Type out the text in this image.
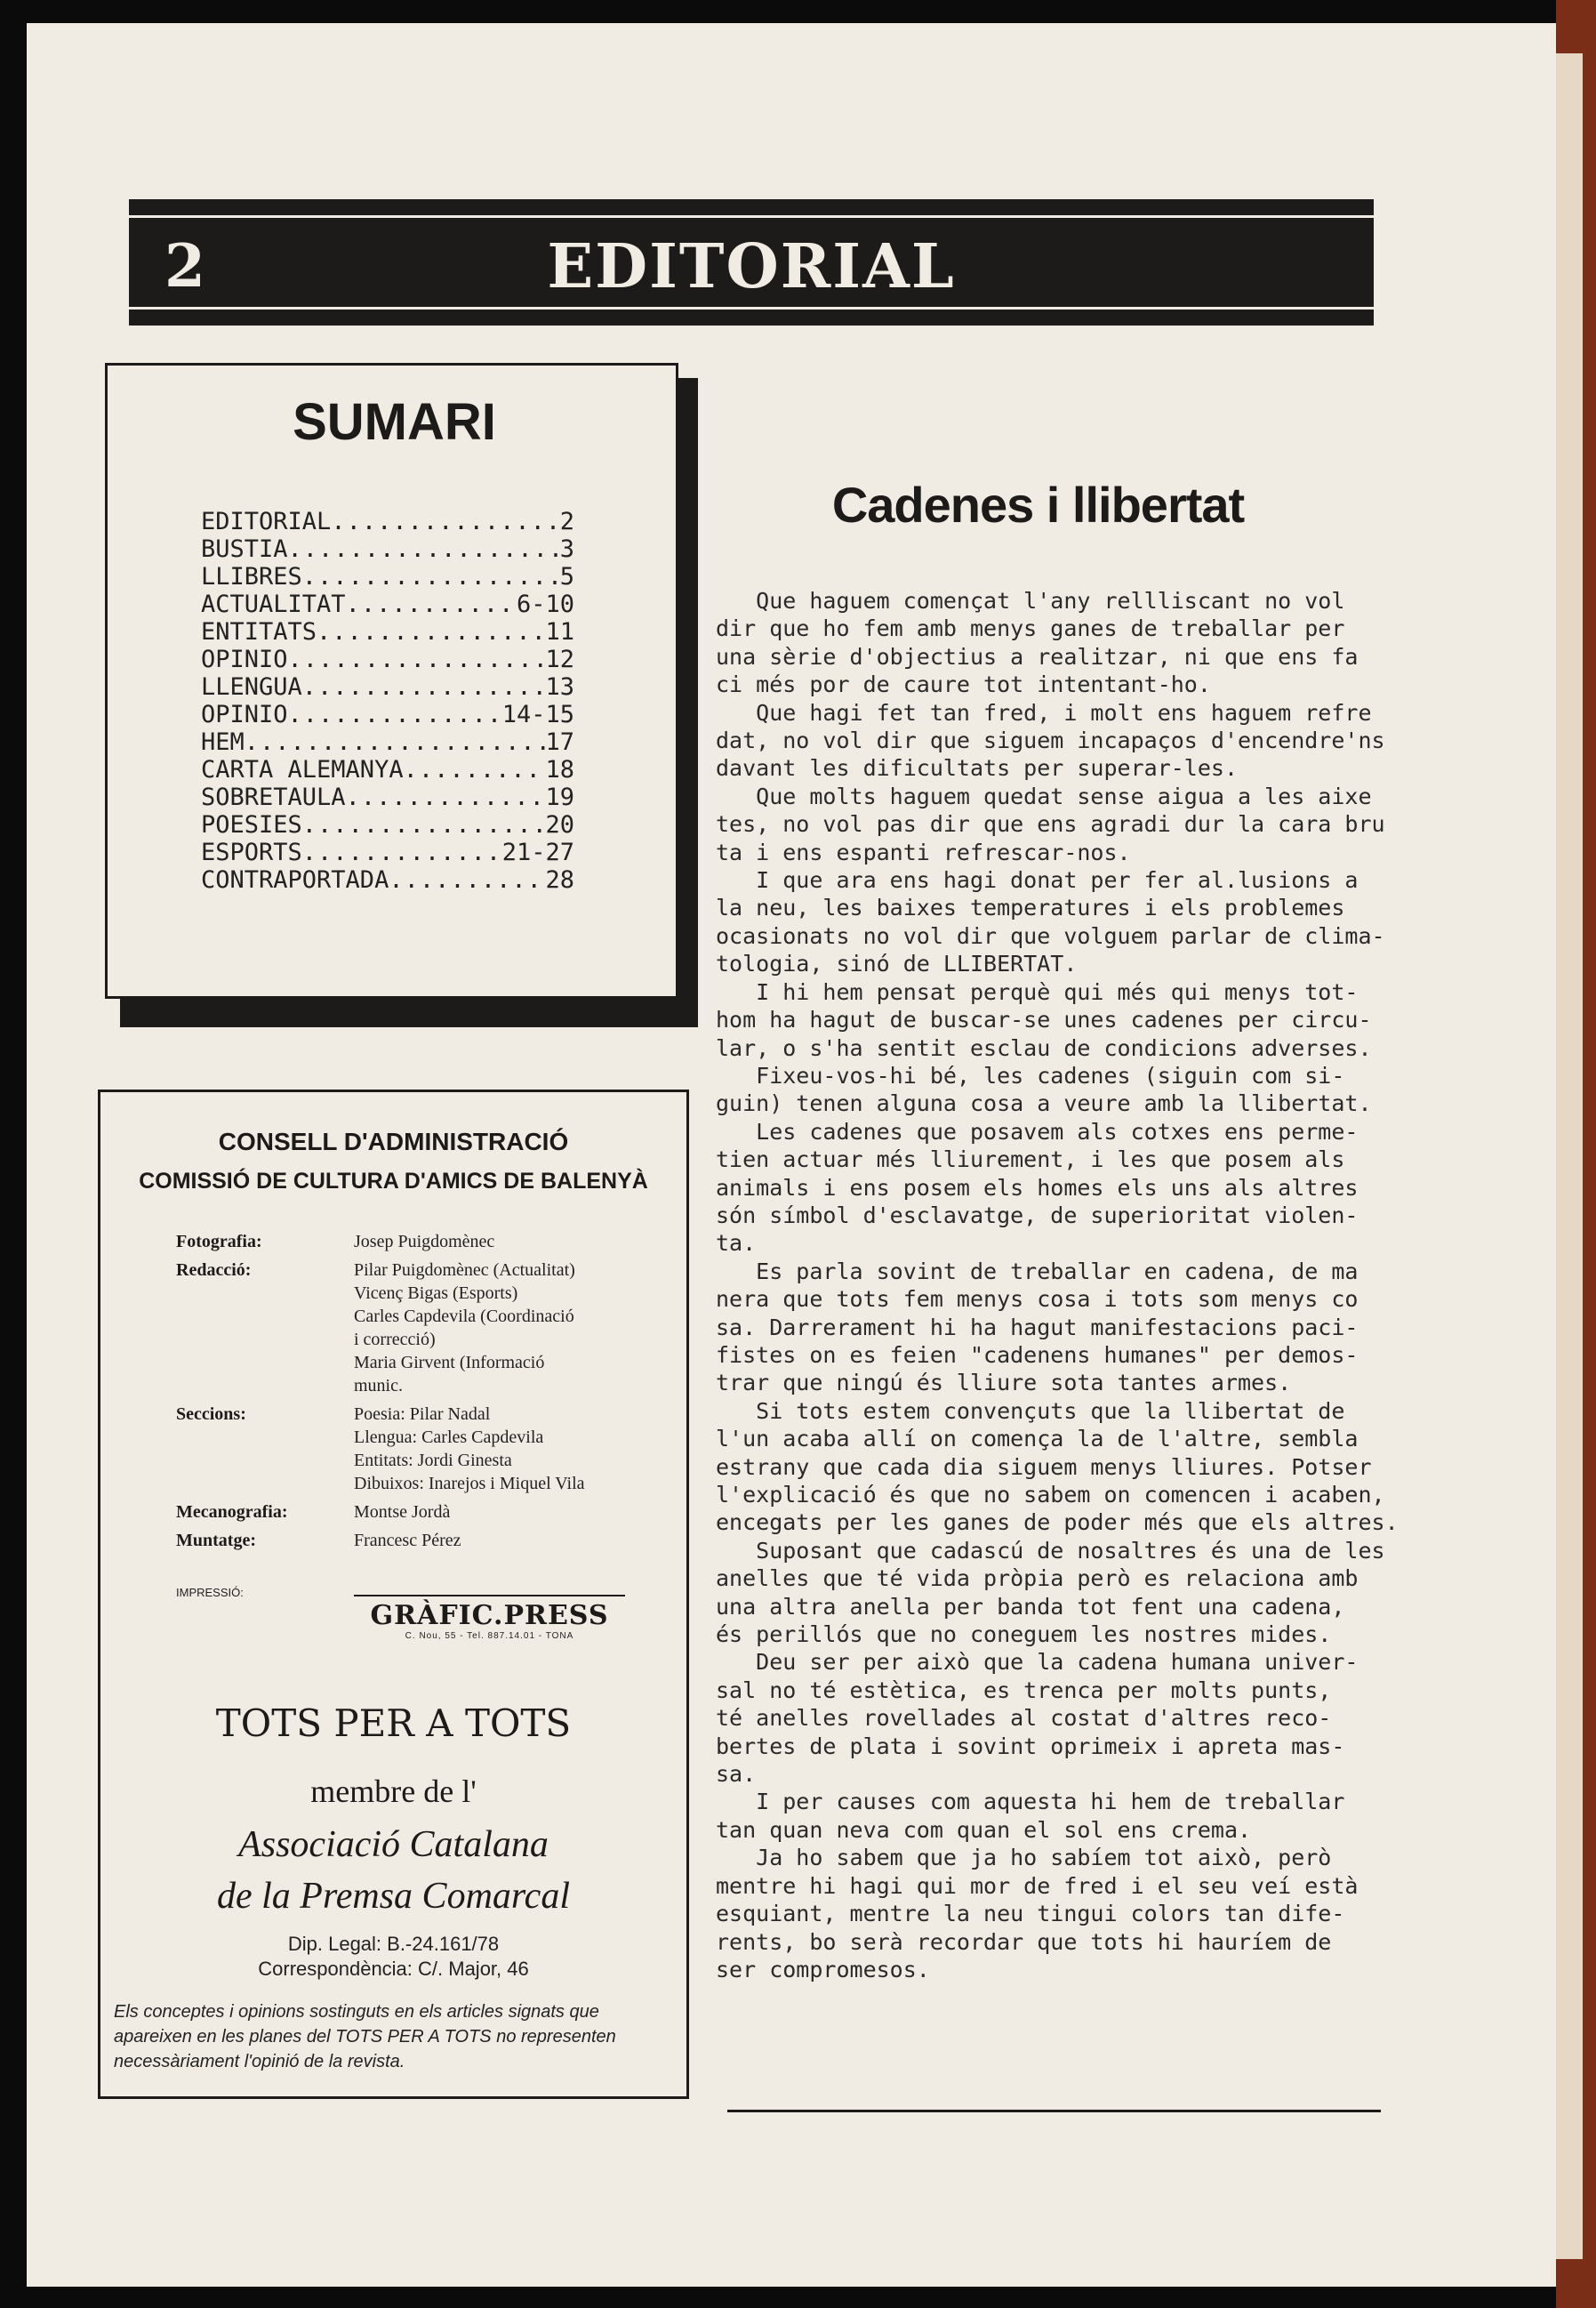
2	EDITORIAL
SUMARI
EDITORIAL .....	2
BUSTIA .....	3
LLIBRES .....	5
ACTUALITAT .....	6-10
ENTITATS .....	11
OPINIO .....	12
LLENGUA .....	13
OPINIO .....	14-15
HEM .....	17
CARTA ALEMANYA .....	18
SOBRETAULA .....	19
POESIES .....	20
ESPORTS .....	21-27
CONTRAPORTADA .....	28
CONSELL D'ADMINISTRACIÓ
COMISSIÓ DE CULTURA D'AMICS DE BALENYÀ
Fotografia:	Josep Puigdomènec
Redacció:	Pilar Puigdomènec (Actualitat)
Vicenç Bigas (Esports)
Carles Capdevila (Coordinació
i correcció)
Maria Girvent (Informació
munic.
Seccions:	Poesia: Pilar Nadal
Llengua: Carles Capdevila
Entitats: Jordi Ginesta
Dibuixos: Inarejos i Miquel Vila
Mecanografia:	Montse Jordà
Muntatge:	Francesc Pérez
IMPRESSIÓ:
GRÀFIC.PRESS
C. Nou, 55 - Tel. 887.14.01 - TONA
TOTS PER A TOTS
membre de l'
Associació Catalana
de la Premsa Comarcal
Dip. Legal: B.-24.161/78
Correspondència: C/. Major, 46
Els conceptes i opinions sostinguts en els articles signats que apareixen en les planes del TOTS PER A TOTS no representen necessàriament l'opinió de la revista.
Cadenes i llibertat
Que haguem començat l'any rellliscant no vol
dir que ho fem amb menys ganes de treballar per
una sèrie d'objectius a realitzar, ni que ens fa
ci més por de caure tot intentant-ho.
Que hagi fet tan fred, i molt ens haguem refre
dat, no vol dir que siguem incapaços d'encendre'ns
davant les dificultats per superar-les.
Que molts haguem quedat sense aigua a les aixe
tes, no vol pas dir que ens agradi dur la cara bru
ta i ens espanti refrescar-nos.
I que ara ens hagi donat per fer al.lusions a
la neu, les baixes temperatures i els problemes
ocasionats no vol dir que volguem parlar de clima-
tologia, sinó de LLIBERTAT.
I hi hem pensat perquè qui més qui menys tot-
hom ha hagut de buscar-se unes cadenes per circu-
lar, o s'ha sentit esclau de condicions adverses.
Fixeu-vos-hi bé, les cadenes (siguin com si-
guin) tenen alguna cosa a veure amb la llibertat.
Les cadenes que posavem als cotxes ens perme-
tien actuar més lliurement, i les que posem als
animals i ens posem els homes els uns als altres
són símbol d'esclavatge, de superioritat violen-
ta.
Es parla sovint de treballar en cadena, de ma
nera que tots fem menys cosa i tots som menys co
sa. Darrerament hi ha hagut manifestacions paci-
fistes on es feien "cadenens humanes" per demos-
trar que ningú és lliure sota tantes armes.
Si tots estem convençuts que la llibertat de
l'un acaba allí on comença la de l'altre, sembla
estrany que cada dia siguem menys lliures. Potser
l'explicació és que no sabem on comencen i acaben,
encegats per les ganes de poder més que els altres.
Suposant que cadascú de nosaltres és una de les
anelles que té vida pròpia però es relaciona amb
una altra anella per banda tot fent una cadena,
és perillós que no coneguem les nostres mides.
Deu ser per això que la cadena humana univer-
sal no té estètica, es trenca per molts punts,
té anelles rovellades al costat d'altres reco-
bertes de plata i sovint oprimeix i apreta mas-
sa.
I per causes com aquesta hi hem de treballar
tan quan neva com quan el sol ens crema.
Ja ho sabem que ja ho sabíem tot això, però
mentre hi hagi qui mor de fred i el seu veí està
esquiant, mentre la neu tingui colors tan dife-
rents, bo serà recordar que tots hi hauríem de
ser compromesos.
